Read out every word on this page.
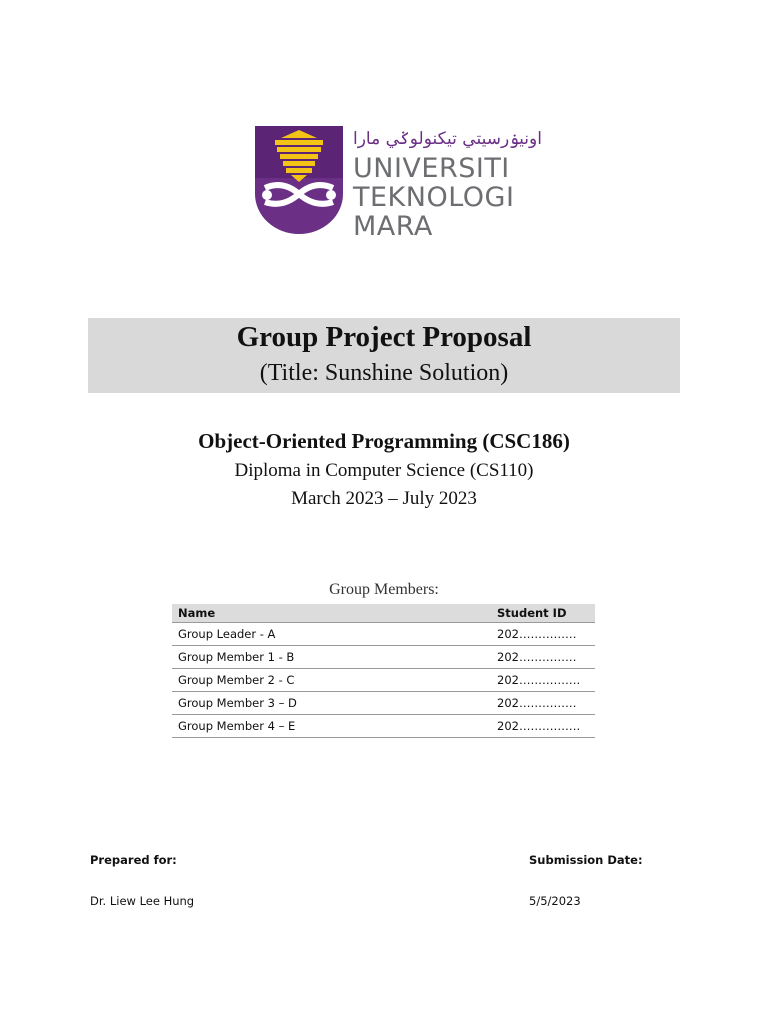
اونيۏرسيتي تيكنولوݢي مارا
UNIVERSITI
TEKNOLOGI
MARA
Group Project Proposal
(Title: Sunshine Solution)
Object-Oriented Programming (CSC186)
Diploma in Computer Science (CS110)
March 2023 – July 2023
Group Members:
Name	Student ID
Group Leader - A	202……………
Group Member 1 - B	202……………
Group Member 2 - C	202…………….
Group Member 3 – D	202……………
Group Member 4 – E	202…………….
Prepared for:
Dr. Liew Lee Hung
Submission Date:
5/5/2023
